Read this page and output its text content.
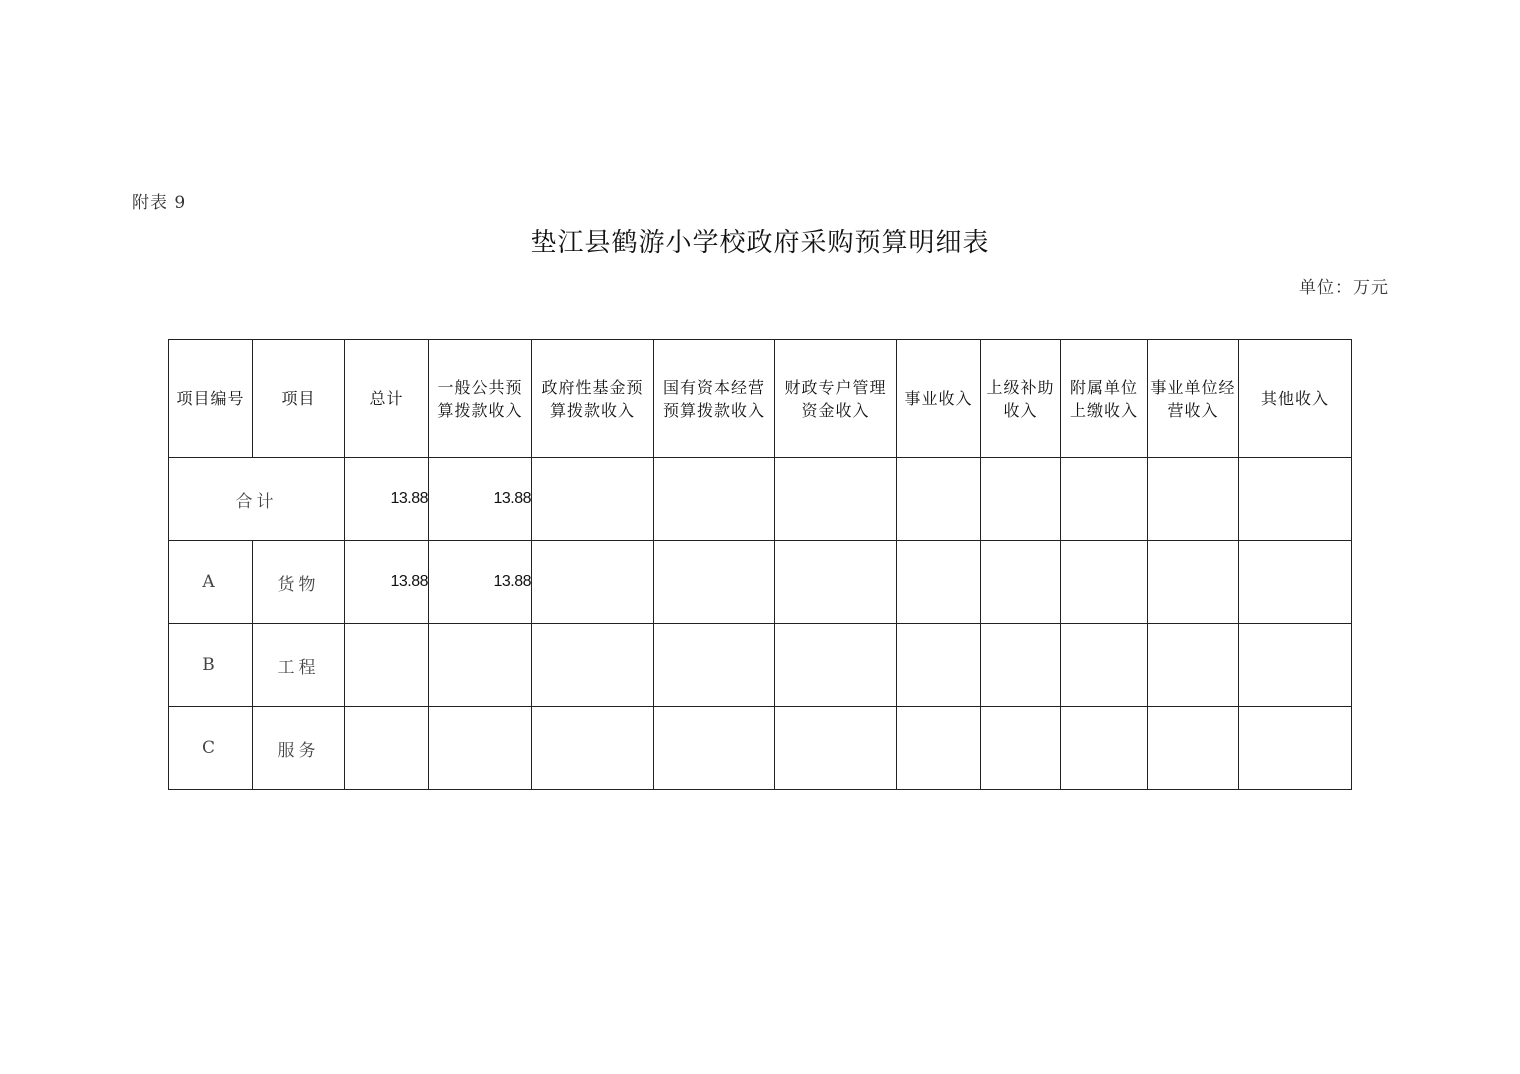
附表 9
垫江县鹤游小学校政府采购预算明细表
单位：万元
项目编号	项目	总计	一般公共预算拨款收入	政府性基金预算拨款收入	国有资本经营预算拨款收入	财政专户管理资金收入	事业收入	上级补助收入	附属单位上缴收入	事业单位经营收入	其他收入
合计		13.88	13.88								
A	货物	13.88	13.88								
B	工程										
C	服务										
